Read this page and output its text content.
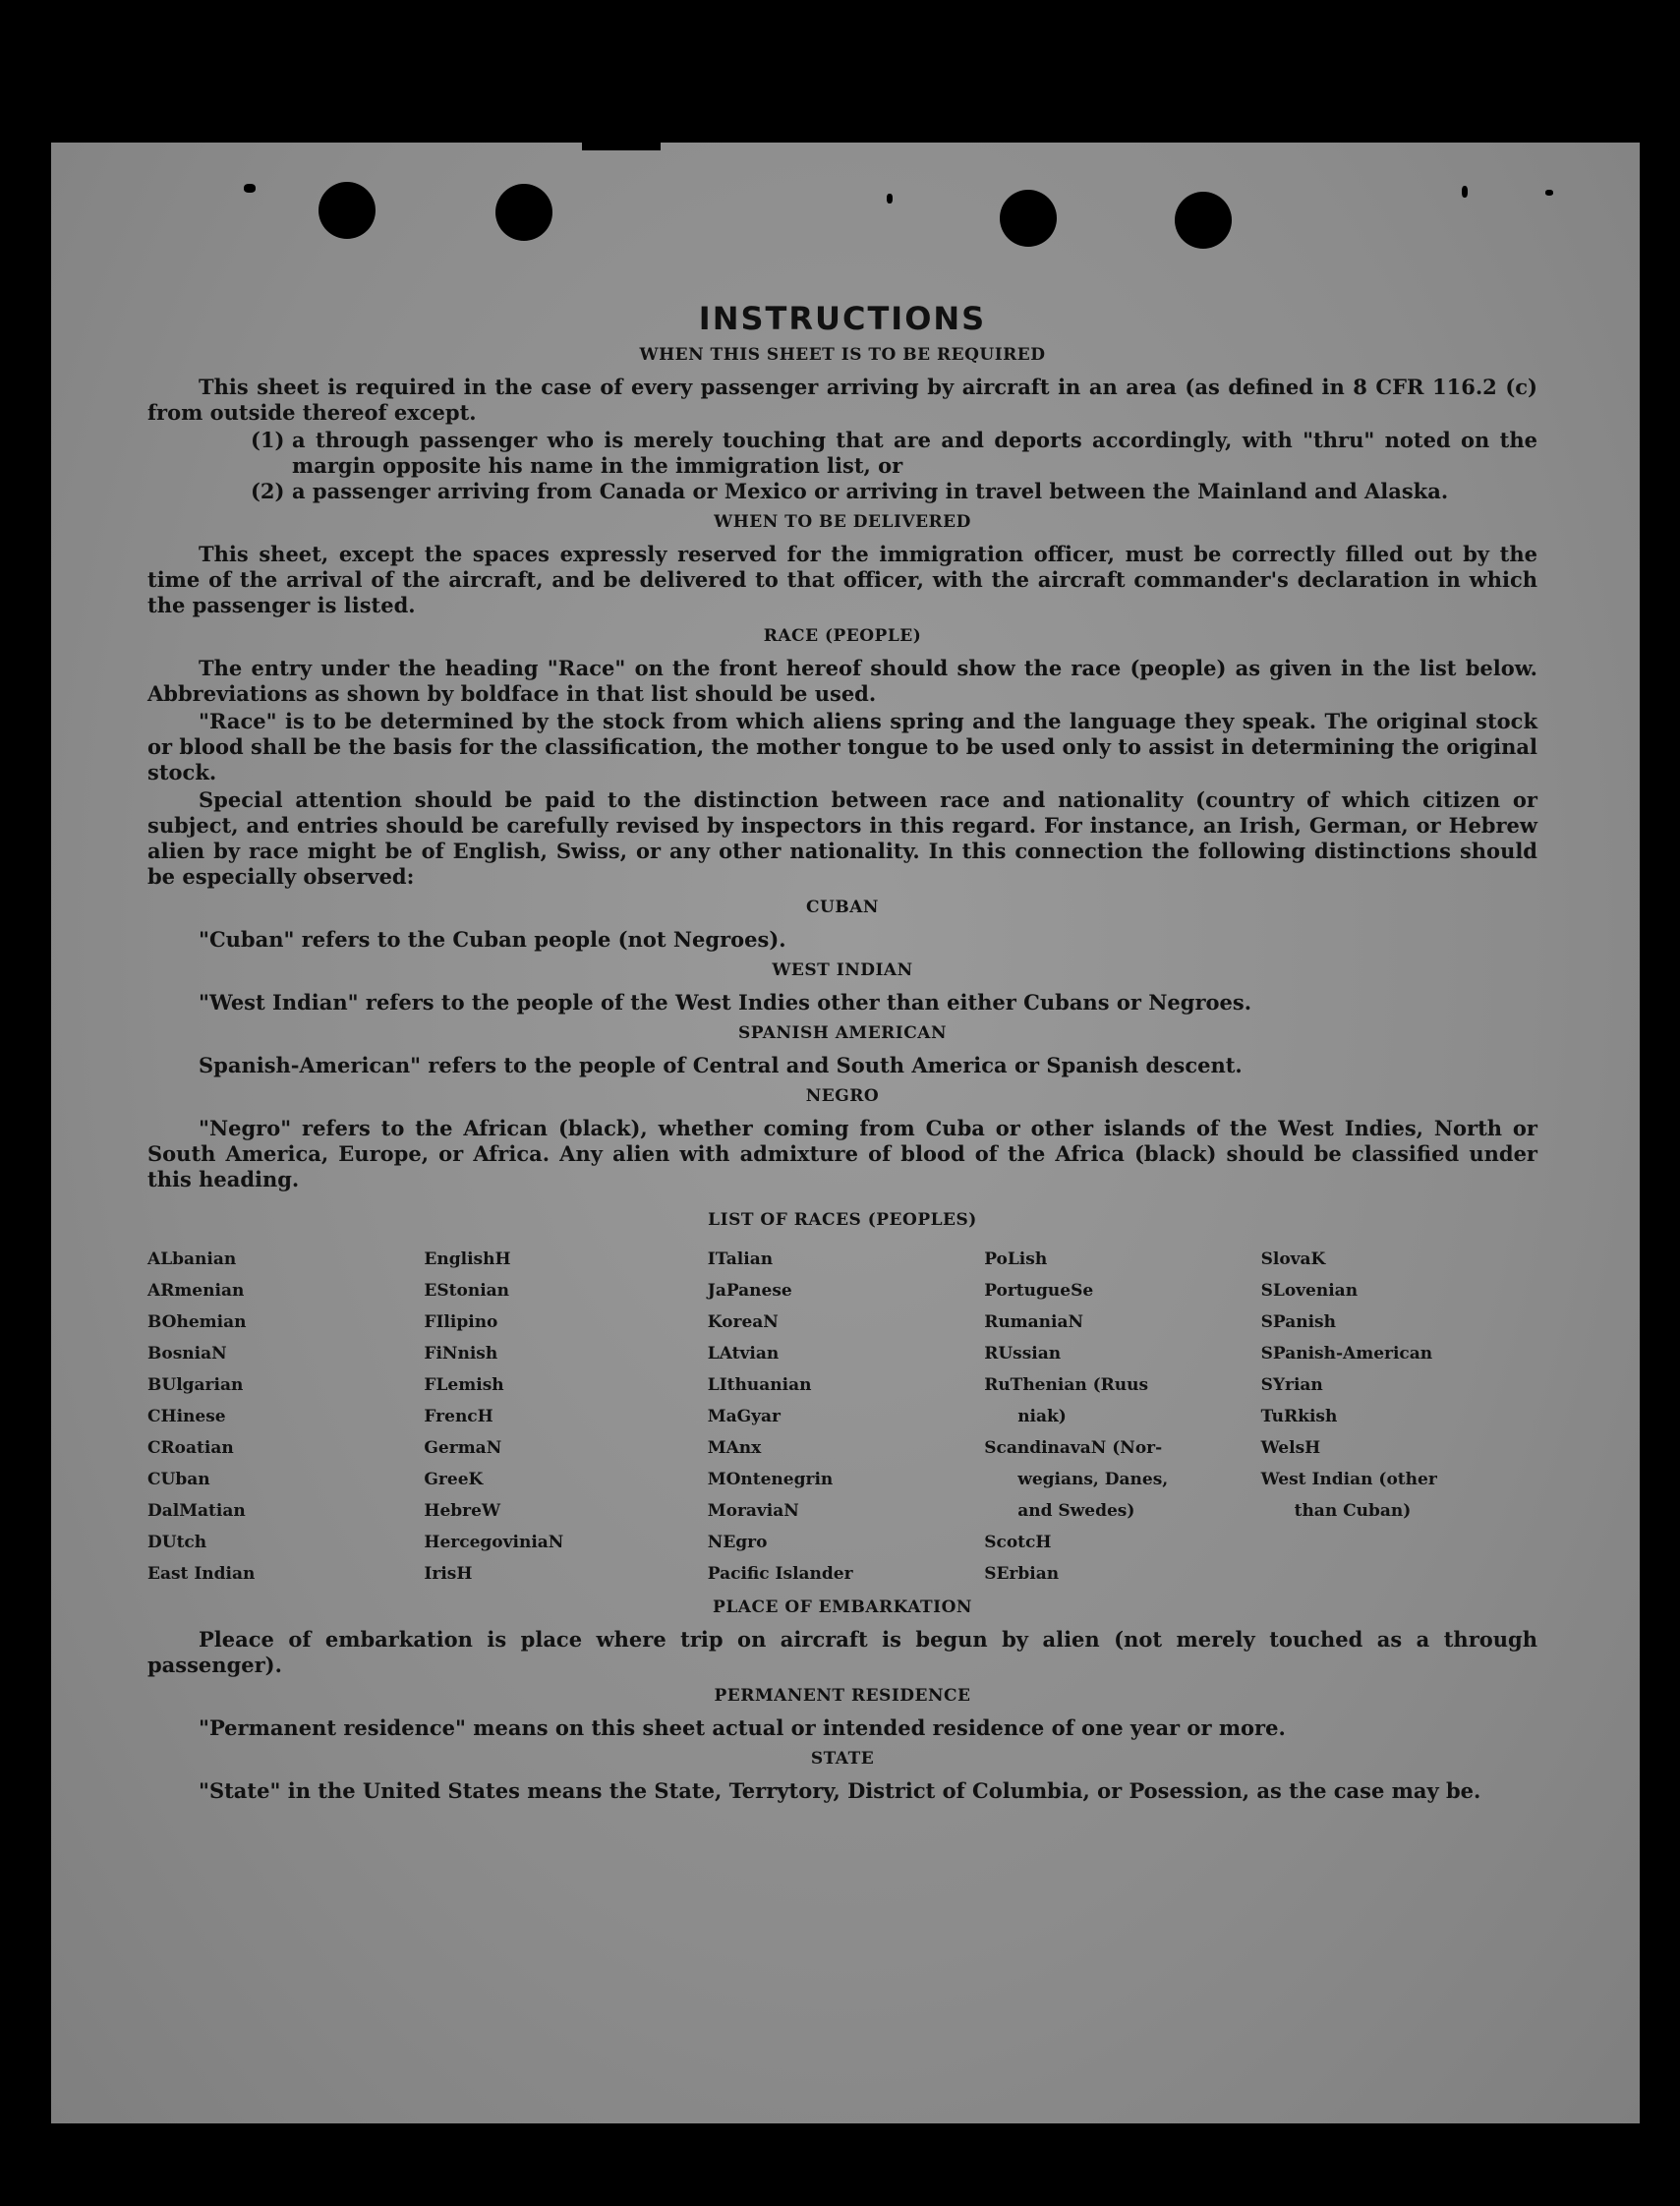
INSTRUCTIONS
WHEN THIS SHEET IS TO BE REQUIRED

This sheet is required in the case of every passenger arriving by aircraft in an area (as defined in 8 CFR 116.2 (c) from outside thereof except.

(1) a through passenger who is merely touching that are and deports accordingly, with "thru" noted on the margin opposite his name in the immigration list, or
(2) a passenger arriving from Canada or Mexico or arriving in travel between the Mainland and Alaska.
WHEN TO BE DELIVERED

This sheet, except the spaces expressly reserved for the immigration officer, must be correctly filled out by the time of the arrival of the aircraft, and be delivered to that officer, with the aircraft commander's declaration in which the passenger is listed.

RACE (PEOPLE)

The entry under the heading "Race" on the front hereof should show the race (people) as given in the list below. Abbreviations as shown by boldface in that list should be used.

"Race" is to be determined by the stock from which aliens spring and the language they speak. The original stock or blood shall be the basis for the classification, the mother tongue to be used only to assist in determining the original stock.

Special attention should be paid to the distinction between race and nationality (country of which citizen or subject, and entries should be carefully revised by inspectors in this regard. For instance, an Irish, German, or Hebrew alien by race might be of English, Swiss, or any other nationality. In this connection the following distinctions should be especially observed:

CUBAN

"Cuban" refers to the Cuban people (not Negroes).

WEST INDIAN

"West Indian" refers to the people of the West Indies other than either Cubans or Negroes.

SPANISH AMERICAN

Spanish-American" refers to the people of Central and South America or Spanish descent.

NEGRO

"Negro" refers to the African (black), whether coming from Cuba or other islands of the West Indies, North or South America, Europe, or Africa. Any alien with admixture of blood of the Africa (black) should be classified under this heading.

LIST OF RACES (PEOPLES)
ALbanian
ARmenian
BOhemian
BosniaN
BUlgarian
CHinese
CRoatian
CUban
DalMatian
DUtch
East Indian
EnglishH
EStonian
FIlipino
FiNnish
FLemish
FrencH
GermaN
GreeK
HebreW
HercegoviniaN
IrisH
ITalian
JaPanese
KoreaN
LAtvian
LIthuanian
MaGyar
MAnx
MOntenegrin
MoraviaN
NEgro
Pacific Islander
PoLish
PortugueSe
RumaniaN
RUssian
RuThenian (Ruus
niak)
ScandinavaN (Nor-
wegians, Danes,
and Swedes)
ScotcH
SErbian
SlovaK
SLovenian
SPanish
SPanish-American
SYrian
TuRkish
WelsH
West Indian (other
than Cuban)
PLACE OF EMBARKATION

Pleace of embarkation is place where trip on aircraft is begun by alien (not merely touched as a through passenger).

PERMANENT RESIDENCE

"Permanent residence" means on this sheet actual or intended residence of one year or more.

STATE

"State" in the United States means the State, Terrytory, District of Columbia, or Posession, as the case may be.
